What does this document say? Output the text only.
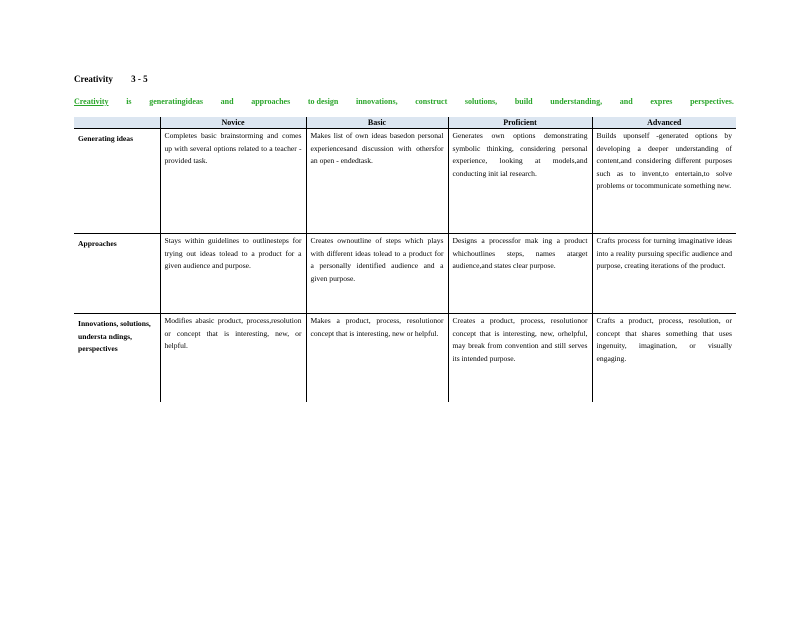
Creativity 3 - 5
Creativity is generatingideas and approaches to design innovations, construct solutions, build understanding, and expres perspectives.
	Novice	Basic	Proficient	Advanced
Generating ideas	Completes basic brainstorming and comes up with several options related to a teacher -provided task.	Makes list of own ideas basedon personal experiencesand discussion with othersfor an open - endedtask.	Generates own options demonstrating symbolic thinking, considering personal experience, looking at models,and conducting init ial research.	Builds uponself -generated options by developing a deeper understanding of content,and considering different purposes such as to invent,to entertain,to solve problems or tocommunicate something new.
Approaches	Stays within guidelines to outlinesteps for trying out ideas tolead to a product for a given audience and purpose.	Creates ownoutline of steps which plays with different ideas tolead to a product for a personally identified audience and a given purpose.	Designs a processfor mak ing a product whichoutlines steps, names atarget audience,and states clear purpose.	Crafts process for turning imaginative ideas into a reality pursuing specific audience and purpose, creating iterations of the product.
Innovations, solutions, understa ndings, perspectives	Modifies abasic product, process,resolution or concept that is interesting, new, or helpful.	Makes a product, process, resolutionor concept that is interesting, new or helpful.	Creates a product, process, resolutionor concept that is interesting, new, orhelpful, may break from convention and still serves its intended purpose.	Crafts a product, process, resolution, or concept that shares something that uses ingenuity, imagination, or visually engaging.
